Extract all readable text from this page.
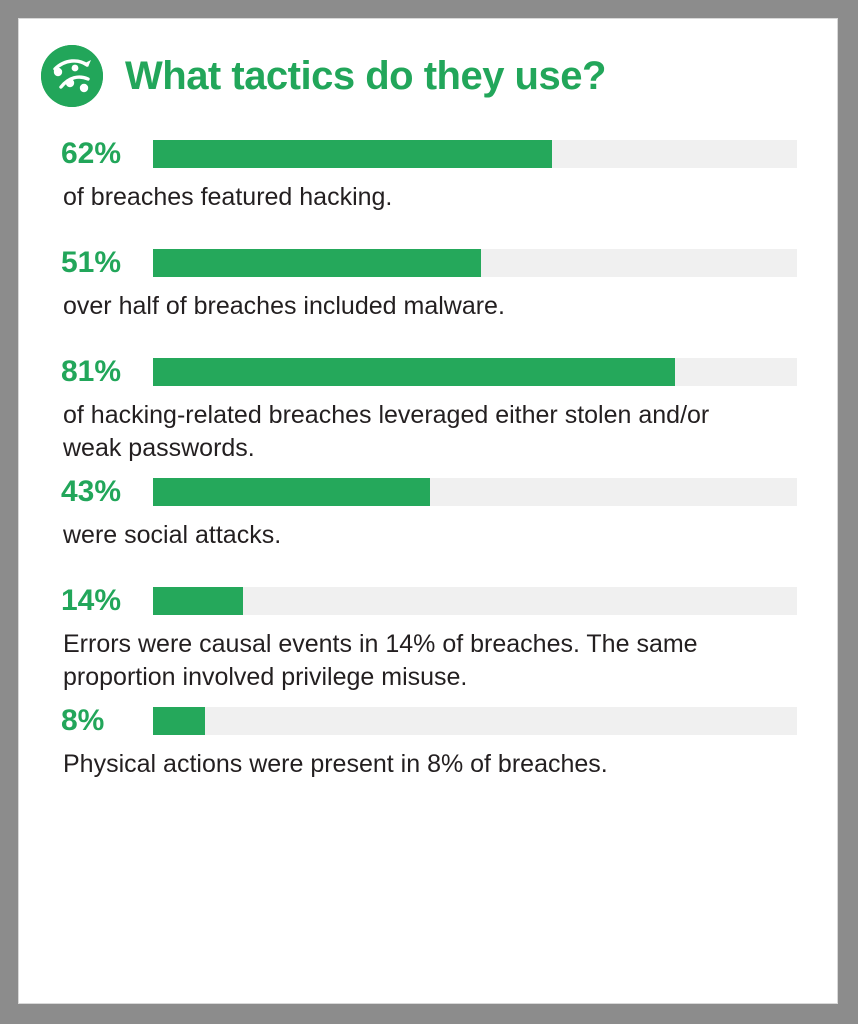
What tactics do they use?
62%
of breaches featured hacking.
51%
over half of breaches included malware.
81%
of hacking-related breaches leveraged either stolen and/or weak passwords.
43%
were social attacks.
14%
Errors were causal events in 14% of breaches. The same proportion involved privilege misuse.
8%
Physical actions were present in 8% of breaches.
